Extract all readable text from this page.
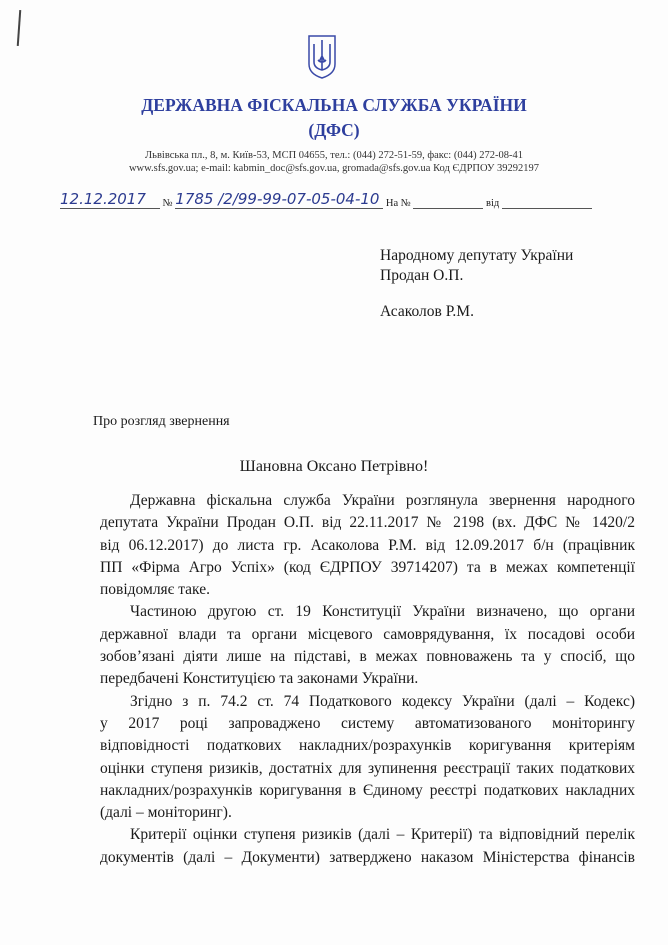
ДЕРЖАВНА ФІСКАЛЬНА СЛУЖБА УКРАЇНИ
(ДФС)
Львівська пл., 8, м. Київ-53, МСП 04655, тел.: (044) 272-51-59, факс: (044) 272-08-41
www.sfs.gov.ua; e-mail: kabmin_doc@sfs.gov.ua, gromada@sfs.gov.ua Код ЄДРПОУ 39292197
12.12.2017 № 1785 /2/99-99-07-05-04-10 На №	від
Народному депутату України
Продан О.П.
Асаколов Р.М.
Про розгляд звернення
Шановна Оксано Петрівно!
Державна фіскальна служба України розглянула звернення народного
депутата України Продан О.П. від 22.11.2017 № 2198 (вх. ДФС № 1420/2
від 06.12.2017) до листа гр. Асаколова Р.М. від 12.09.2017 б/н (працівник
ПП «Фірма Агро Успіх» (код ЄДРПОУ 39714207) та в межах компетенції
повідомляє таке.
Частиною другою ст. 19 Конституції України визначено, що органи
державної влади та органи місцевого самоврядування, їх посадові особи
зобов’язані діяти лише на підставі, в межах повноважень та у спосіб, що
передбачені Конституцією та законами України.
Згідно з п. 74.2 ст. 74 Податкового кодексу України (далі – Кодекс)
у 2017 році запроваджено систему автоматизованого моніторингу
відповідності податкових накладних/розрахунків коригування критеріям
оцінки ступеня ризиків, достатніх для зупинення реєстрації таких податкових
накладних/розрахунків коригування в Єдиному реєстрі податкових накладних
(далі – моніторинг).
Критерії оцінки ступеня ризиків (далі – Критерії) та відповідний перелік
документів (далі – Документи) затверджено наказом Міністерства фінансів
